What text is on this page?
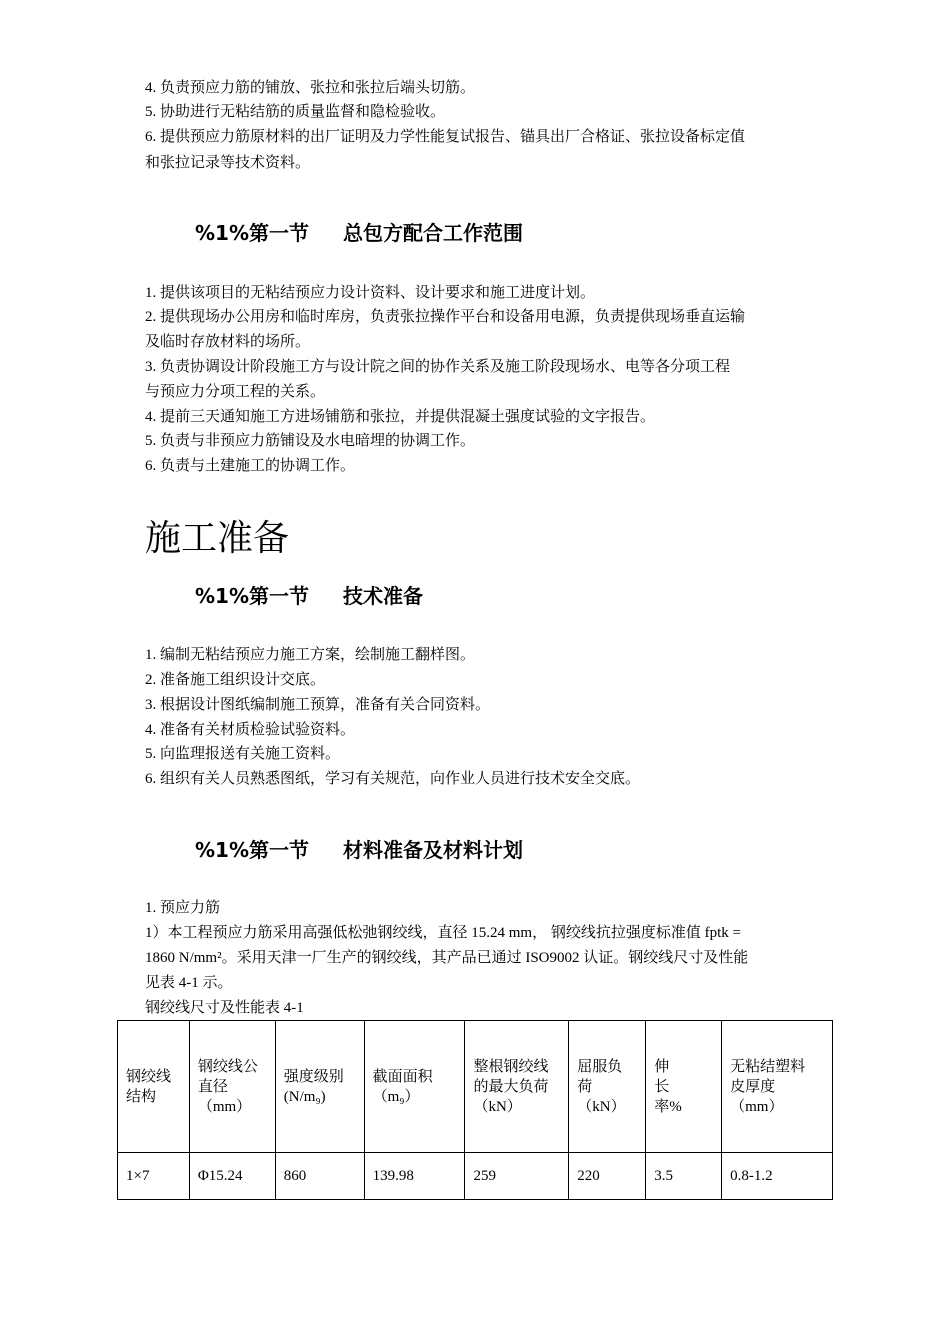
4. 负责预应力筋的铺放、张拉和张拉后端头切筋。
5. 协助进行无粘结筋的质量监督和隐检验收。
6. 提供预应力筋原材料的出厂证明及力学性能复试报告、锚具出厂合格证、张拉设备标定值
和张拉记录等技术资料。
%1%第一节 总包方配合工作范围
1. 提供该项目的无粘结预应力设计资料、设计要求和施工进度计划。
2. 提供现场办公用房和临时库房，负责张拉操作平台和设备用电源，负责提供现场垂直运输
及临时存放材料的场所。
3. 负责协调设计阶段施工方与设计院之间的协作关系及施工阶段现场水、电等各分项工程
与预应力分项工程的关系。
4. 提前三天通知施工方进场铺筋和张拉，并提供混凝土强度试验的文字报告。
5. 负责与非预应力筋铺设及水电暗埋的协调工作。
6. 负责与土建施工的协调工作。
施工准备
%1%第一节 技术准备
1. 编制无粘结预应力施工方案，绘制施工翻样图。
2. 准备施工组织设计交底。
3. 根据设计图纸编制施工预算，准备有关合同资料。
4. 准备有关材质检验试验资料。
5. 向监理报送有关施工资料。
6. 组织有关人员熟悉图纸，学习有关规范，向作业人员进行技术安全交底。
%1%第一节 材料准备及材料计划
1. 预应力筋
1）本工程预应力筋采用高强低松弛钢绞线，直径 15.24 mm， 钢绞线抗拉强度标准值 fptk =
1860 N/mm²。采用天津一厂生产的钢绞线，其产品已通过 ISO9002 认证。钢绞线尺寸及性能
见表 4-1 示。
钢绞线尺寸及性能表 4-1
钢绞线
结构	钢绞线公
直径
（mm）	强度级别
(N/m₉)	截面面积
（m₉）	整根钢绞线
的最大负荷
（kN）	屈服负
荷
（kN）	伸　　长
率%	无粘结塑料
皮厚度
（mm）
1×7	Φ15.24	860	139.98	259	220	3.5	0.8-1.2
